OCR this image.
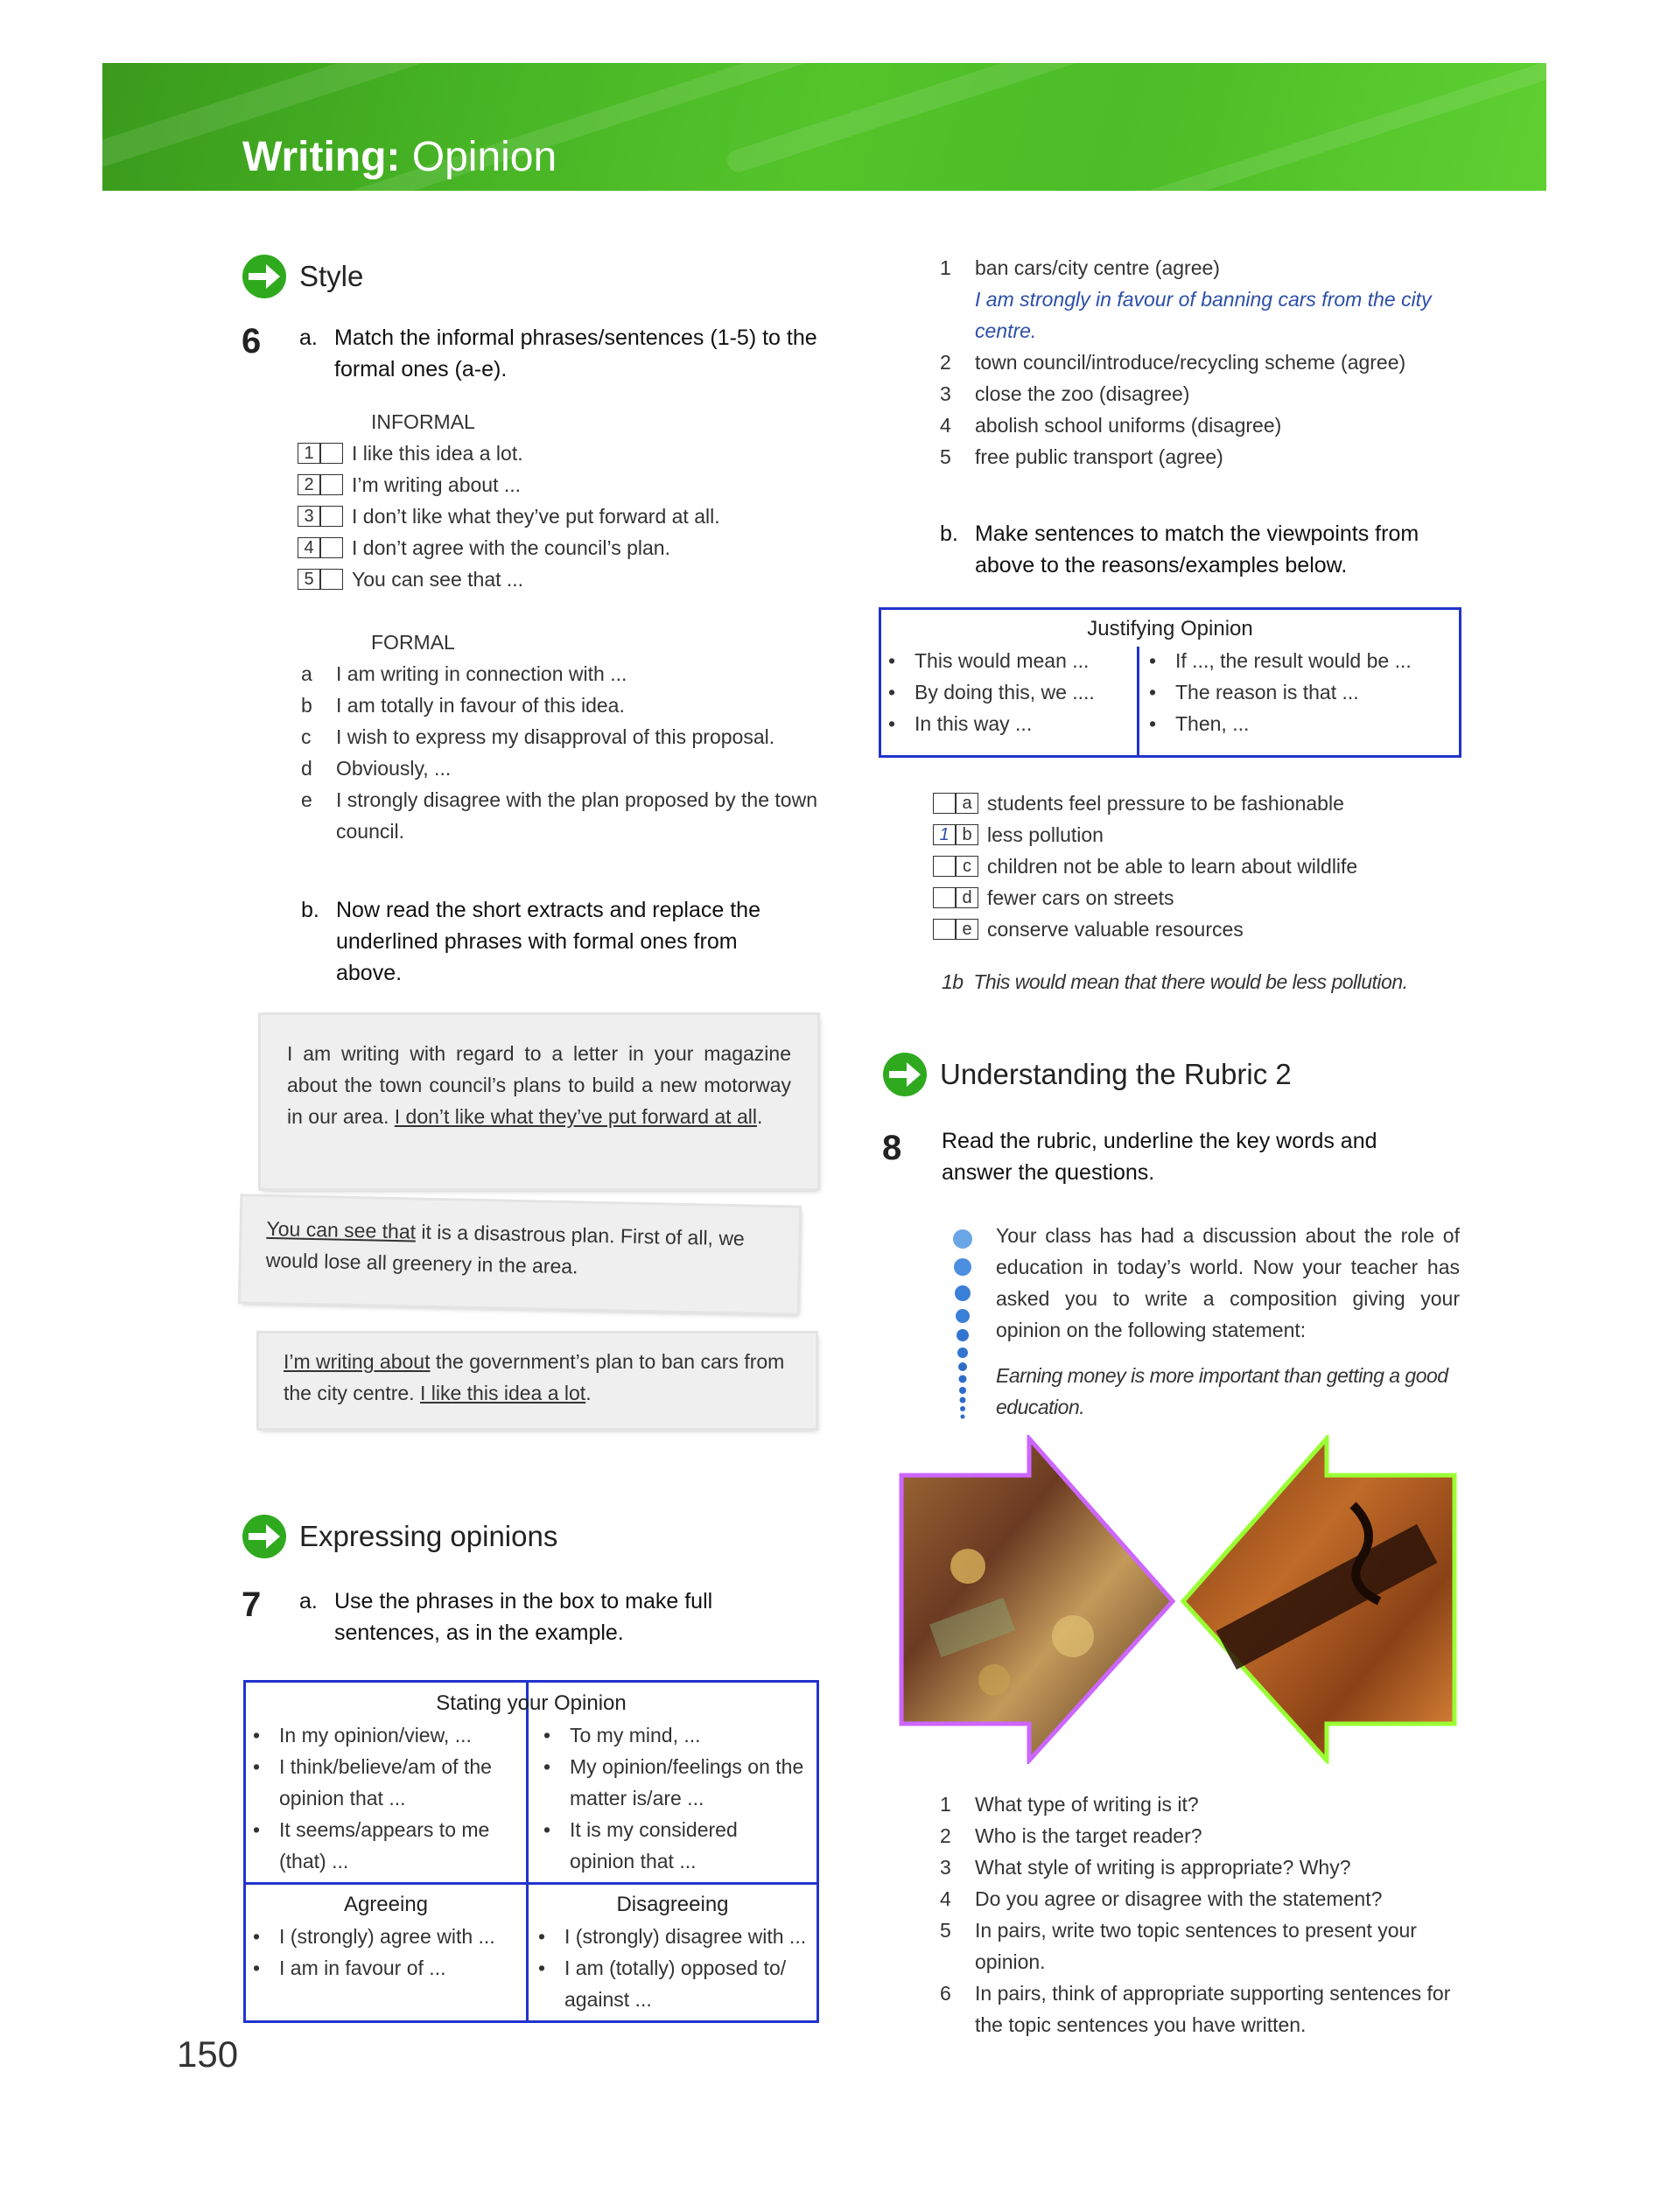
Writing: Opinion
Style
6 a. Match the informal phrases/sentences (1-5) to the formal ones (a-e).
INFORMAL
1	I like this idea a lot.
2	I’m writing about ...
3	I don’t like what they’ve put forward at all.
4	I don’t agree with the council’s plan.
5	You can see that ...
FORMAL
a	I am writing in connection with ...
b	I am totally in favour of this idea.
c	I wish to express my disapproval of this proposal.
d	Obviously, ...
e	I strongly disagree with the plan proposed by the town council.
b. Now read the short extracts and replace the underlined phrases with formal ones from above.
I am writing with regard to a letter in your magazine about the town council’s plans to build a new motorway in our area. I don’t like what they’ve put forward at all.
You can see that it is a disastrous plan. First of all, we would lose all greenery in the area.
I’m writing about the government’s plan to ban cars from the city centre. I like this idea a lot.
Expressing opinions
7 a. Use the phrases in the box to make full sentences, as in the example.
Stating your Opinion
• In my opinion/view, ...
• I think/believe/am of the opinion that ...
• It seems/appears to me (that) ...
• To my mind, ...
• My opinion/feelings on the matter is/are ...
• It is my considered opinion that ...
Agreeing	Disagreeing
• I (strongly) agree with ...
• I am in favour of ...
• I (strongly) disagree with ...
• I am (totally) opposed to/ against ...
150
1	ban cars/city centre (agree)
I am strongly in favour of banning cars from the city centre.
2	town council/introduce/recycling scheme (agree)
3	close the zoo (disagree)
4	abolish school uniforms (disagree)
5	free public transport (agree)
b. Make sentences to match the viewpoints from above to the reasons/examples below.
Justifying Opinion
• This would mean ...
• By doing this, we ....
• In this way ...
• If ..., the result would be ...
• The reason is that ...
• Then, ...
a students feel pressure to be fashionable
1 b less pollution
c children not be able to learn about wildlife
d fewer cars on streets
e conserve valuable resources
1b This would mean that there would be less pollution.
Understanding the Rubric 2
8 Read the rubric, underline the key words and answer the questions.
Your class has had a discussion about the role of education in today’s world. Now your teacher has asked you to write a composition giving your opinion on the following statement:
Earning money is more important than getting a good education.
1	What type of writing is it?
2	Who is the target reader?
3	What style of writing is appropriate? Why?
4	Do you agree or disagree with the statement?
5	In pairs, write two topic sentences to present your opinion.
6	In pairs, think of appropriate supporting sentences for the topic sentences you have written.
